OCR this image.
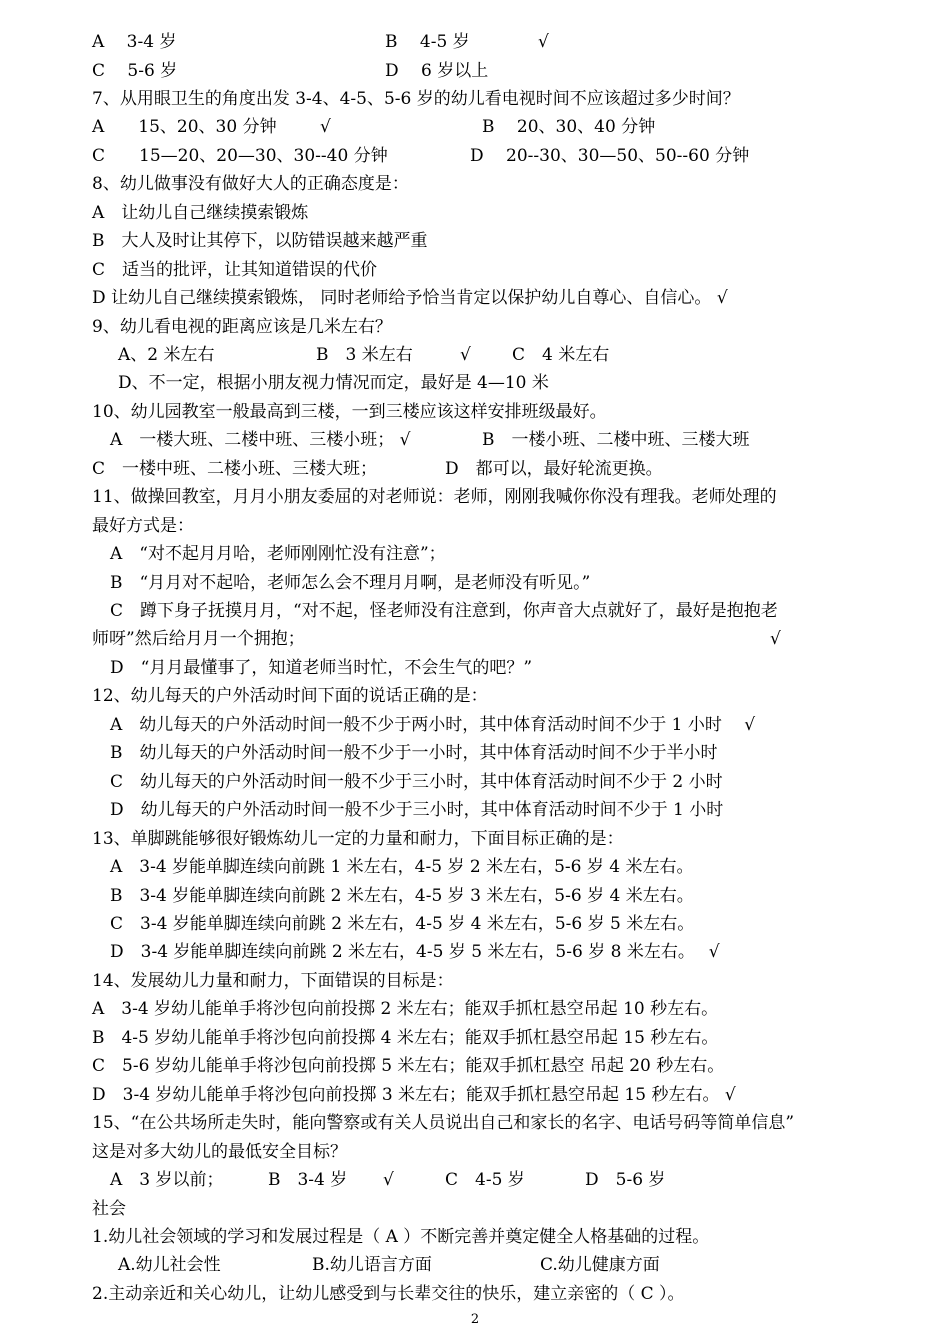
A　 3-4 岁	B　 4-5 岁	√
C　 5-6 岁	D　 6 岁以上
7、从用眼卫生的角度出发 3-4、4-5、5-6 岁的幼儿看电视时间不应该超过多少时间？
A　　15、20、30 分钟	√	B　 20、30、40 分钟
C　　15—20、20—30、30--40 分钟	D　 20--30、30—50、50--60 分钟
8、幼儿做事没有做好大人的正确态度是：
A　让幼儿自己继续摸索锻炼
B　大人及时让其停下，以防错误越来越严重
C　适当的批评，让其知道错误的代价
D 让幼儿自己继续摸索锻炼， 同时老师给予恰当肯定以保护幼儿自尊心、自信心。 √
9、幼儿看电视的距离应该是几米左右？
A、2 米左右	B　3 米左右	√ C　4 米左右
D、不一定，根据小朋友视力情况而定，最好是 4—10 米
10、幼儿园教室一般最高到三楼，一到三楼应该这样安排班级最好。
A　一楼大班、二楼中班、三楼小班； √	B　一楼小班、二楼中班、三楼大班
C　一楼中班、二楼小班、三楼大班；	D　都可以，最好轮流更换。
11、做操回教室，月月小朋友委屈的对老师说：老师，刚刚我喊你你没有理我。老师处理的
最好方式是：
A　“对不起月月哈，老师刚刚忙没有注意”；
B　“月月对不起哈，老师怎么会不理月月啊，是老师没有听见。”
C　蹲下身子抚摸月月，“对不起，怪老师没有注意到，你声音大点就好了，最好是抱抱老
师呀”然后给月月一个拥抱；	√
D　“月月最懂事了，知道老师当时忙，不会生气的吧？”
12、幼儿每天的户外活动时间下面的说话正确的是：
A　幼儿每天的户外活动时间一般不少于两小时，其中体育活动时间不少于 1 小时　 √
B　幼儿每天的户外活动时间一般不少于一小时，其中体育活动时间不少于半小时
C　幼儿每天的户外活动时间一般不少于三小时，其中体育活动时间不少于 2 小时
D　幼儿每天的户外活动时间一般不少于三小时，其中体育活动时间不少于 1 小时
13、单脚跳能够很好锻炼幼儿一定的力量和耐力，下面目标正确的是：
A　3-4 岁能单脚连续向前跳 1 米左右，4-5 岁 2 米左右，5-6 岁 4 米左右。
B　3-4 岁能单脚连续向前跳 2 米左右，4-5 岁 3 米左右，5-6 岁 4 米左右。
C　3-4 岁能单脚连续向前跳 2 米左右，4-5 岁 4 米左右，5-6 岁 5 米左右。
D　3-4 岁能单脚连续向前跳 2 米左右，4-5 岁 5 米左右，5-6 岁 8 米左右。　 √
14、发展幼儿力量和耐力，下面错误的目标是：
A　3-4 岁幼儿能单手将沙包向前投掷 2 米左右；能双手抓杠悬空吊起 10 秒左右。
B　4-5 岁幼儿能单手将沙包向前投掷 4 米左右；能双手抓杠悬空吊起 15 秒左右。
C　5-6 岁幼儿能单手将沙包向前投掷 5 米左右；能双手抓杠悬空 吊起 20 秒左右。
D　3-4 岁幼儿能单手将沙包向前投掷 3 米左右；能双手抓杠悬空吊起 15 秒左右。 √
15、“在公共场所走失时，能向警察或有关人员说出自己和家长的名字、电话号码等简单信息”
这是对多大幼儿的最低安全目标？
A　3 岁以前；	B　3-4 岁 √	C　4-5 岁	D　5-6 岁
社会
1.幼儿社会领域的学习和发展过程是（ A ）不断完善并奠定健全人格基础的过程。
A.幼儿社会性	B.幼儿语言方面	C.幼儿健康方面
2.主动亲近和关心幼儿，让幼儿感受到与长辈交往的快乐，建立亲密的（ C ）。
2
